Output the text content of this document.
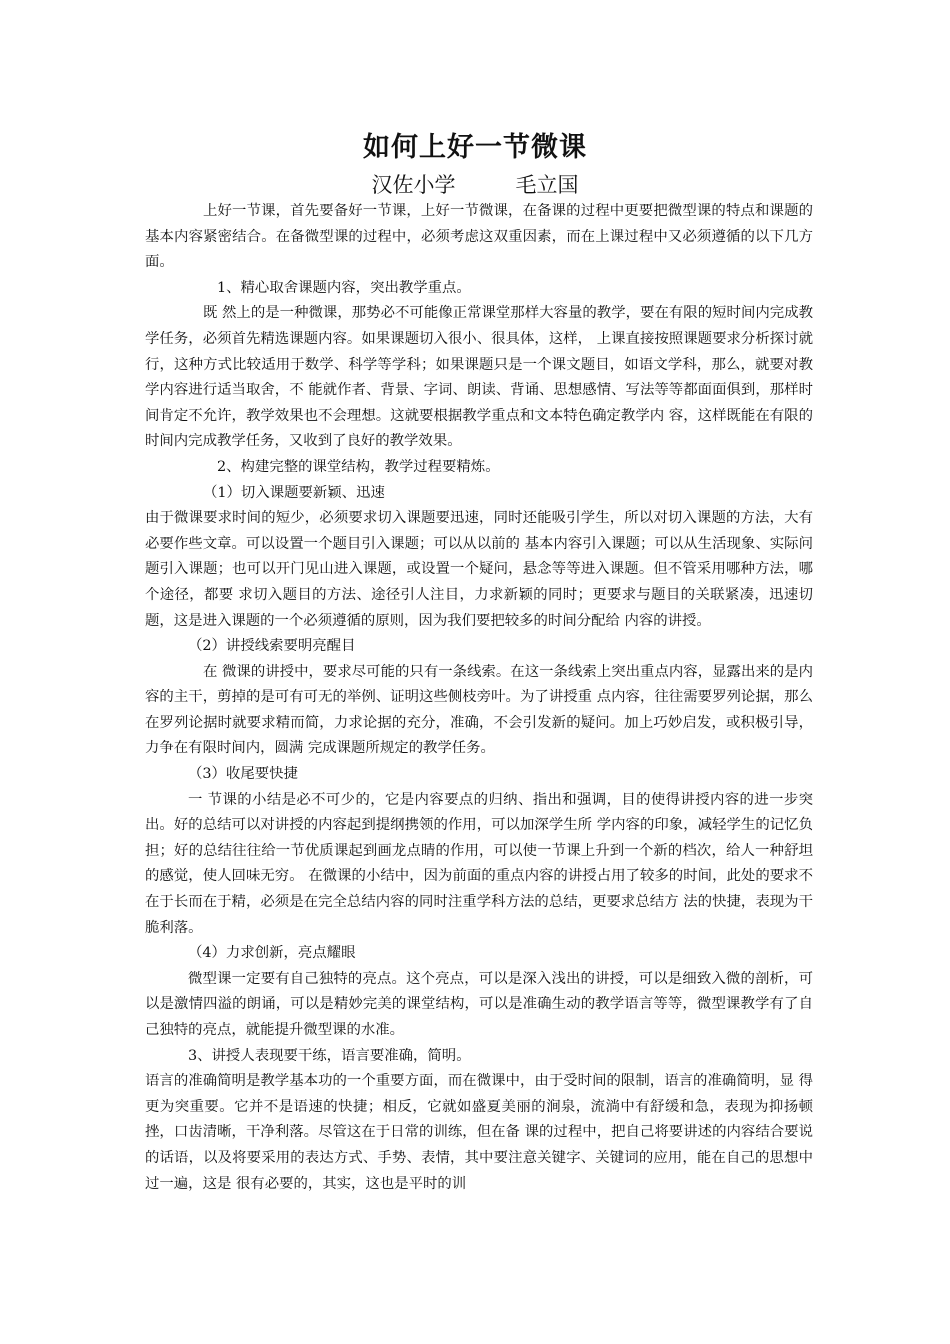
如何上好一节微课
汉佐小学	毛立国

上好一节课，首先要备好一节课，上好一节微课，在备课的过程中更要把微型课的特点和课题的基本内容紧密结合。在备微型课的过程中，必须考虑这双重因素，而在上课过程中又必须遵循的以下几方面。

1、精心取舍课题内容，突出教学重点。

既 然上的是一种微课，那势必不可能像正常课堂那样大容量的教学，要在有限的短时间内完成教学任务，必须首先精选课题内容。如果课题切入很小、很具体，这样， 上课直接按照课题要求分析探讨就行，这种方式比较适用于数学、科学等学科；如果课题只是一个课文题目，如语文学科，那么，就要对教学内容进行适当取舍，不 能就作者、背景、字词、朗读、背诵、思想感情、写法等等都面面俱到，那样时间肯定不允许，教学效果也不会理想。这就要根据教学重点和文本特色确定教学内 容，这样既能在有限的时间内完成教学任务，又收到了良好的教学效果。

2、构建完整的课堂结构，教学过程要精炼。

（1）切入课题要新颖、迅速

由于微课要求时间的短少，必须要求切入课题要迅速，同时还能吸引学生，所以对切入课题的方法，大有必要作些文章。可以设置一个题目引入课题；可以从以前的 基本内容引入课题；可以从生活现象、实际问题引入课题；也可以开门见山进入课题，或设置一个疑问，悬念等等进入课题。但不管采用哪种方法，哪个途径，都要 求切入题目的方法、途径引人注目，力求新颖的同时；更要求与题目的关联紧凑，迅速切题，这是进入课题的一个必须遵循的原则，因为我们要把较多的时间分配给 内容的讲授。

（2）讲授线索要明亮醒目

在 微课的讲授中，要求尽可能的只有一条线索。在这一条线索上突出重点内容，显露出来的是内容的主干，剪掉的是可有可无的举例、证明这些侧枝旁叶。为了讲授重 点内容，往往需要罗列论据，那么在罗列论据时就要求精而简，力求论据的充分，准确，不会引发新的疑问。加上巧妙启发，或积极引导，力争在有限时间内，圆满 完成课题所规定的教学任务。

（3）收尾要快捷

一 节课的小结是必不可少的，它是内容要点的归纳、指出和强调，目的使得讲授内容的进一步突出。好的总结可以对讲授的内容起到提纲携领的作用，可以加深学生所 学内容的印象，减轻学生的记忆负担；好的总结往往给一节优质课起到画龙点睛的作用，可以使一节课上升到一个新的档次，给人一种舒坦的感觉，使人回味无穷。 在微课的小结中，因为前面的重点内容的讲授占用了较多的时间，此处的要求不在于长而在于精，必须是在完全总结内容的同时注重学科方法的总结，更要求总结方 法的快捷，表现为干脆利落。

（4）力求创新，亮点耀眼

微型课一定要有自己独特的亮点。这个亮点，可以是深入浅出的讲授，可以是细致入微的剖析，可以是激情四溢的朗诵，可以是精妙完美的课堂结构，可以是准确生动的教学语言等等，微型课教学有了自己独特的亮点，就能提升微型课的水准。

3、讲授人表现要干练，语言要准确，简明。

语言的准确简明是教学基本功的一个重要方面，而在微课中，由于受时间的限制，语言的准确简明，显 得更为突重要。它并不是语速的快捷；相反，它就如盛夏美丽的涧泉，流淌中有舒缓和急，表现为抑扬顿挫，口齿清晰，干净利落。尽管这在于日常的训练，但在备 课的过程中，把自己将要讲述的内容结合要说的话语，以及将要采用的表达方式、手势、表情，其中要注意关键字、关键词的应用，能在自己的思想中过一遍，这是 很有必要的，其实，这也是平时的训
